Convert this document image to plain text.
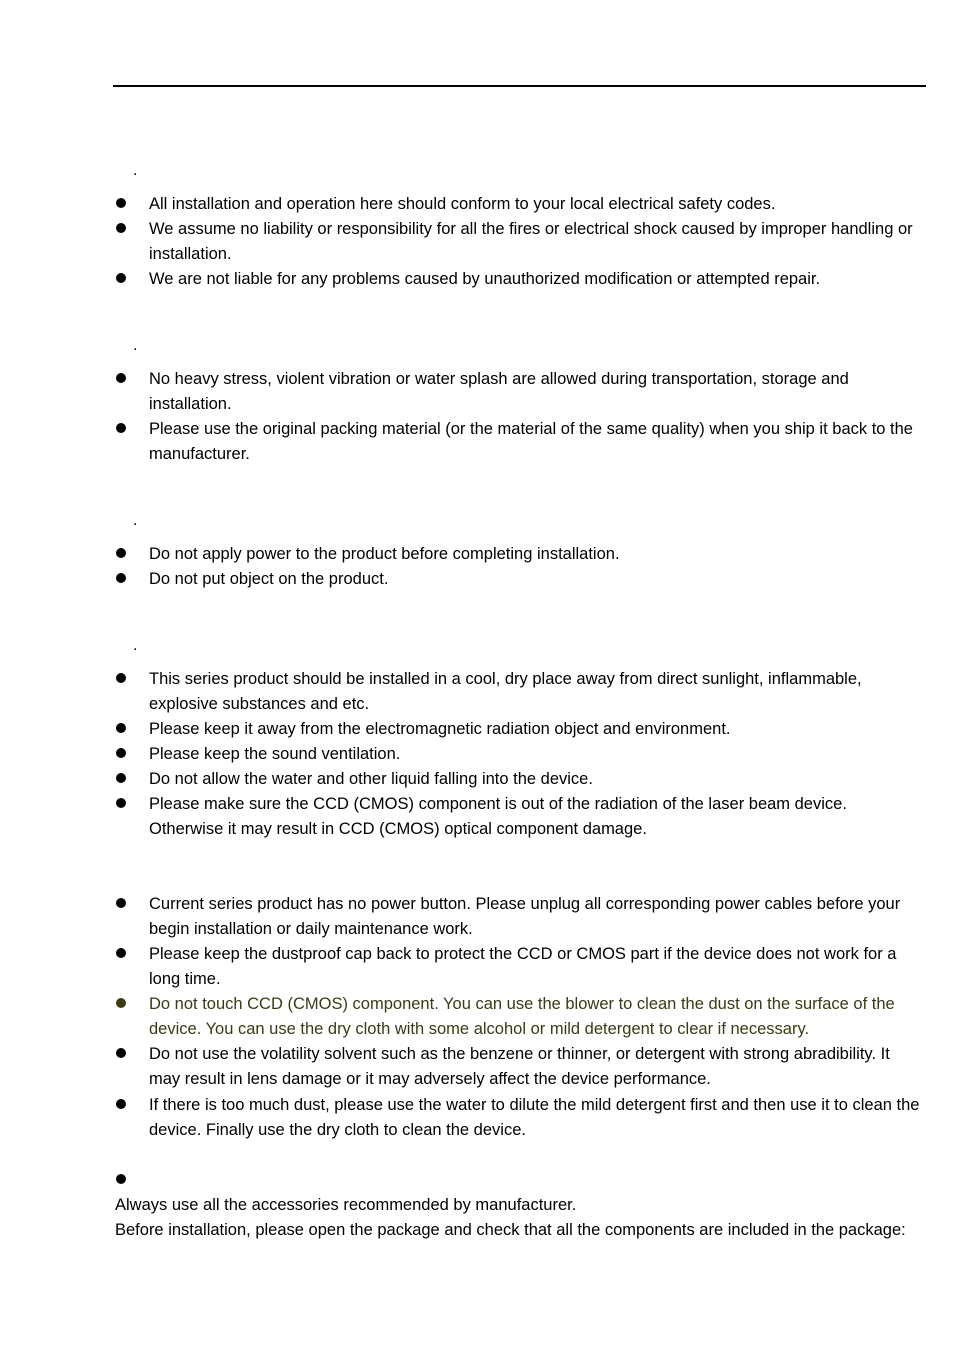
.
All installation and operation here should conform to your local electrical safety codes.
We assume no liability or responsibility for all the fires or electrical shock caused by improper handling or installation.
We are not liable for any problems caused by unauthorized modification or attempted repair.
.
No heavy stress, violent vibration or water splash are allowed during transportation, storage and installation.
Please use the original packing material (or the material of the same quality) when you ship it back to the manufacturer.
.
Do not apply power to the product before completing installation.
Do not put object on the product.
.
This series product should be installed in a cool, dry place away from direct sunlight, inflammable, explosive substances and etc.
Please keep it away from the electromagnetic radiation object and environment.
Please keep the sound ventilation.
Do not allow the water and other liquid falling into the device.
Please make sure the CCD (CMOS) component is out of the radiation of the laser beam device. Otherwise it may result in CCD (CMOS) optical component damage.
Current series product has no power button. Please unplug all corresponding power cables before your begin installation or daily maintenance work.
Please keep the dustproof cap back to protect the CCD or CMOS part if the device does not work for a long time.
Do not touch CCD (CMOS) component. You can use the blower to clean the dust on the surface of the device. You can use the dry cloth with some alcohol or mild detergent to clear if necessary.
Do not use the volatility solvent such as the benzene or thinner, or detergent with strong abradibility. It may result in lens damage or it may adversely affect the device performance.
If there is too much dust, please use the water to dilute the mild detergent first and then use it to clean the device. Finally use the dry cloth to clean the device.
Always use all the accessories recommended by manufacturer.
Before installation, please open the package and check that all the components are included in the package:
